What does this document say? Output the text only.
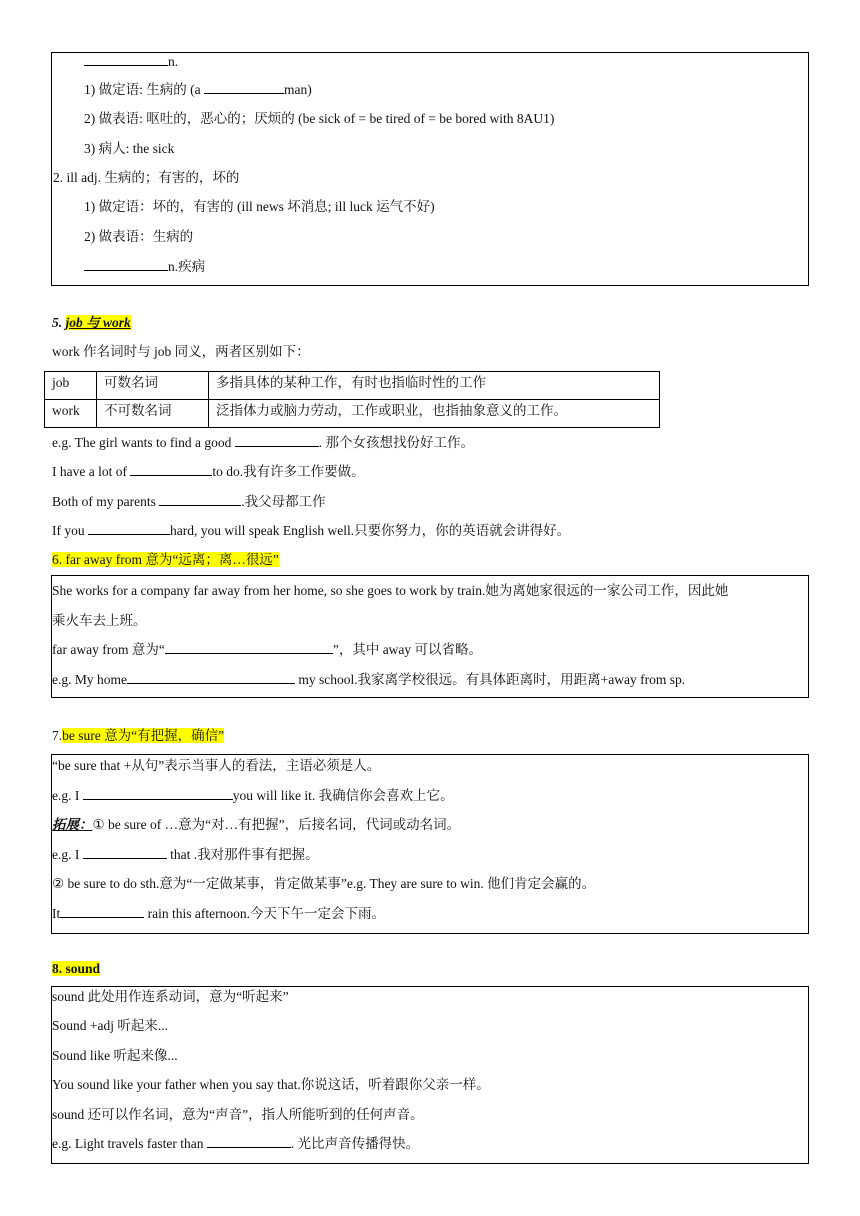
n.
1) 做定语: 生病的 (a	man)
2) 做表语: 呕吐的，恶心的；厌烦的 (be sick of = be tired of = be bored with 8AU1)
3) 病人: the sick
2. ill adj. 生病的；有害的，坏的
1) 做定语：坏的，有害的 (ill news 坏消息; ill luck 运气不好)
2) 做表语：生病的
n.疾病
5. job 与 work
work 作名词时与 job 同义，两者区别如下：
job	可数名词	多指具体的某种工作，有时也指临时性的工作
work	不可数名词	泛指体力或脑力劳动，工作或职业，也指抽象意义的工作。
e.g. The girl wants to find a good	. 那个女孩想找份好工作。
I have a lot of	to do.我有许多工作要做。
Both of my parents	.我父母都工作
If you	hard, you will speak English well.只要你努力，你的英语就会讲得好。
6. far away from 意为“远离；离…很远”
She works for a company far away from her home, so she goes to work by train.她为离她家很远的一家公司工作，因此她
乘火车去上班。
far away from 意为“	”，其中 away 可以省略。
e.g. My home	my school.我家离学校很远。有具体距离时，用距离+away from sp.
7.be sure 意为“有把握，确信”
“be sure that +从句”表示当事人的看法，主语必须是人。
e.g. I	you will like it. 我确信你会喜欢上它。
拓展：① be sure of …意为“对…有把握”，后接名词，代词或动名词。
e.g. I	that .我对那件事有把握。
② be sure to do sth.意为“一定做某事，肯定做某事”e.g. They are sure to win. 他们肯定会赢的。
It	rain this afternoon.今天下午一定会下雨。
8. sound
sound 此处用作连系动词，意为“听起来”
Sound +adj 听起来...
Sound like 听起来像...
You sound like your father when you say that.你说这话，听着跟你父亲一样。
sound 还可以作名词，意为“声音”，指人所能听到的任何声音。
e.g. Light travels faster than	. 光比声音传播得快。
